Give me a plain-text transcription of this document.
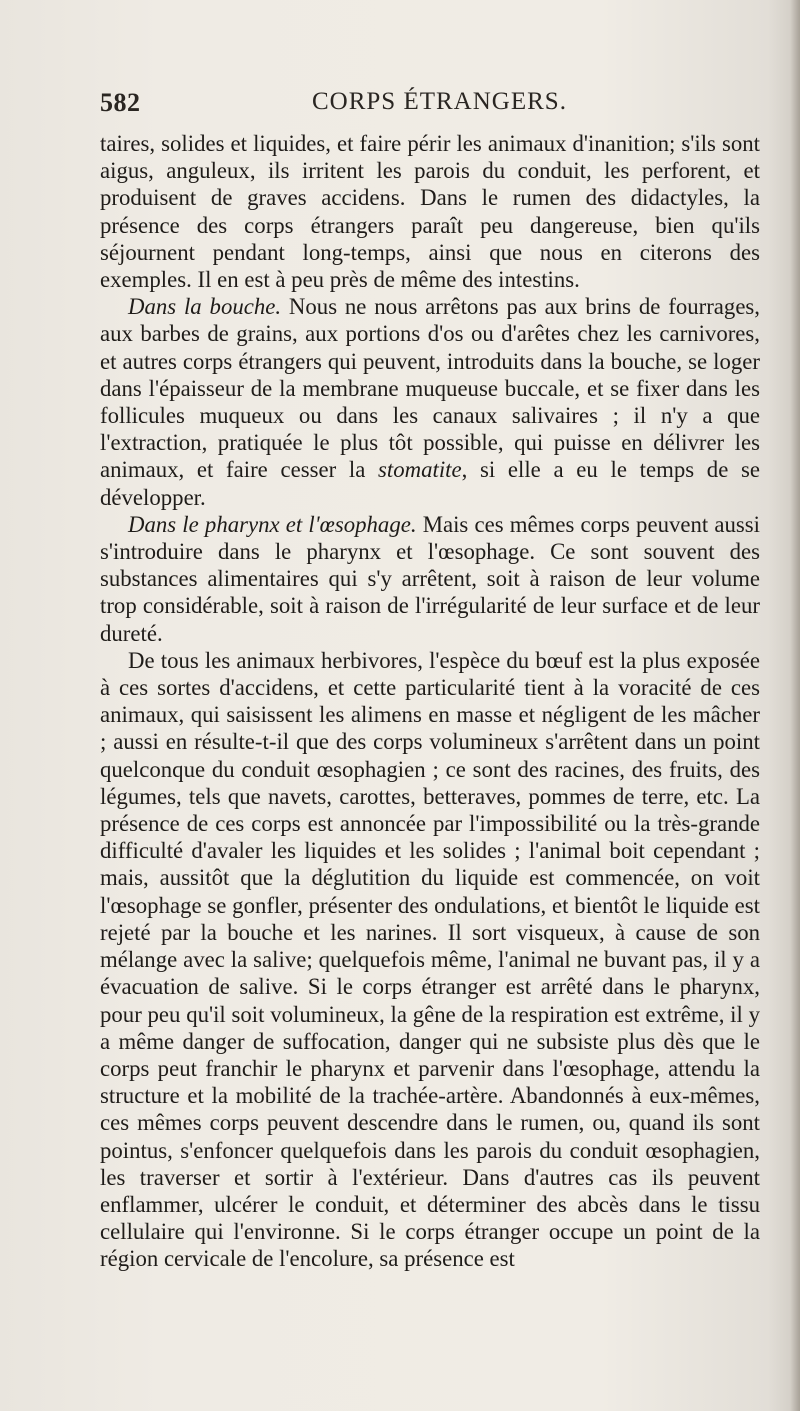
582	CORPS ÉTRANGERS.

taires, solides et liquides, et faire périr les animaux d'inanition; s'ils sont aigus, anguleux, ils irritent les parois du conduit, les perforent, et produisent de graves accidens. Dans le rumen des didactyles, la présence des corps étrangers paraît peu dangereuse, bien qu'ils séjournent pendant long-temps, ainsi que nous en citerons des exemples. Il en est à peu près de même des intestins.

Dans la bouche. Nous ne nous arrêtons pas aux brins de fourrages, aux barbes de grains, aux portions d'os ou d'arêtes chez les carnivores, et autres corps étrangers qui peuvent, introduits dans la bouche, se loger dans l'épaisseur de la membrane muqueuse buccale, et se fixer dans les follicules muqueux ou dans les canaux salivaires ; il n'y a que l'extraction, pratiquée le plus tôt possible, qui puisse en délivrer les animaux, et faire cesser la stomatite, si elle a eu le temps de se développer.

Dans le pharynx et l'œsophage. Mais ces mêmes corps peuvent aussi s'introduire dans le pharynx et l'œsophage. Ce sont souvent des substances alimentaires qui s'y arrêtent, soit à raison de leur volume trop considérable, soit à raison de l'irrégularité de leur surface et de leur dureté.

De tous les animaux herbivores, l'espèce du bœuf est la plus exposée à ces sortes d'accidens, et cette particularité tient à la voracité de ces animaux, qui saisissent les alimens en masse et négligent de les mâcher ; aussi en résulte-t-il que des corps volumineux s'arrêtent dans un point quelconque du conduit œsophagien ; ce sont des racines, des fruits, des légumes, tels que navets, carottes, betteraves, pommes de terre, etc. La présence de ces corps est annoncée par l'impossibilité ou la très-grande difficulté d'avaler les liquides et les solides ; l'animal boit cependant ; mais, aussitôt que la déglutition du liquide est commencée, on voit l'œsophage se gonfler, présenter des ondulations, et bientôt le liquide est rejeté par la bouche et les narines. Il sort visqueux, à cause de son mélange avec la salive; quelquefois même, l'animal ne buvant pas, il y a évacuation de salive. Si le corps étranger est arrêté dans le pharynx, pour peu qu'il soit volumineux, la gêne de la respiration est extrême, il y a même danger de suffocation, danger qui ne subsiste plus dès que le corps peut franchir le pharynx et parvenir dans l'œsophage, attendu la structure et la mobilité de la trachée-artère. Abandonnés à eux-mêmes, ces mêmes corps peuvent descendre dans le rumen, ou, quand ils sont pointus, s'enfoncer quelquefois dans les parois du conduit œsophagien, les traverser et sortir à l'extérieur. Dans d'autres cas ils peuvent enflammer, ulcérer le conduit, et déterminer des abcès dans le tissu cellulaire qui l'environne. Si le corps étranger occupe un point de la région cervicale de l'encolure, sa présence est
